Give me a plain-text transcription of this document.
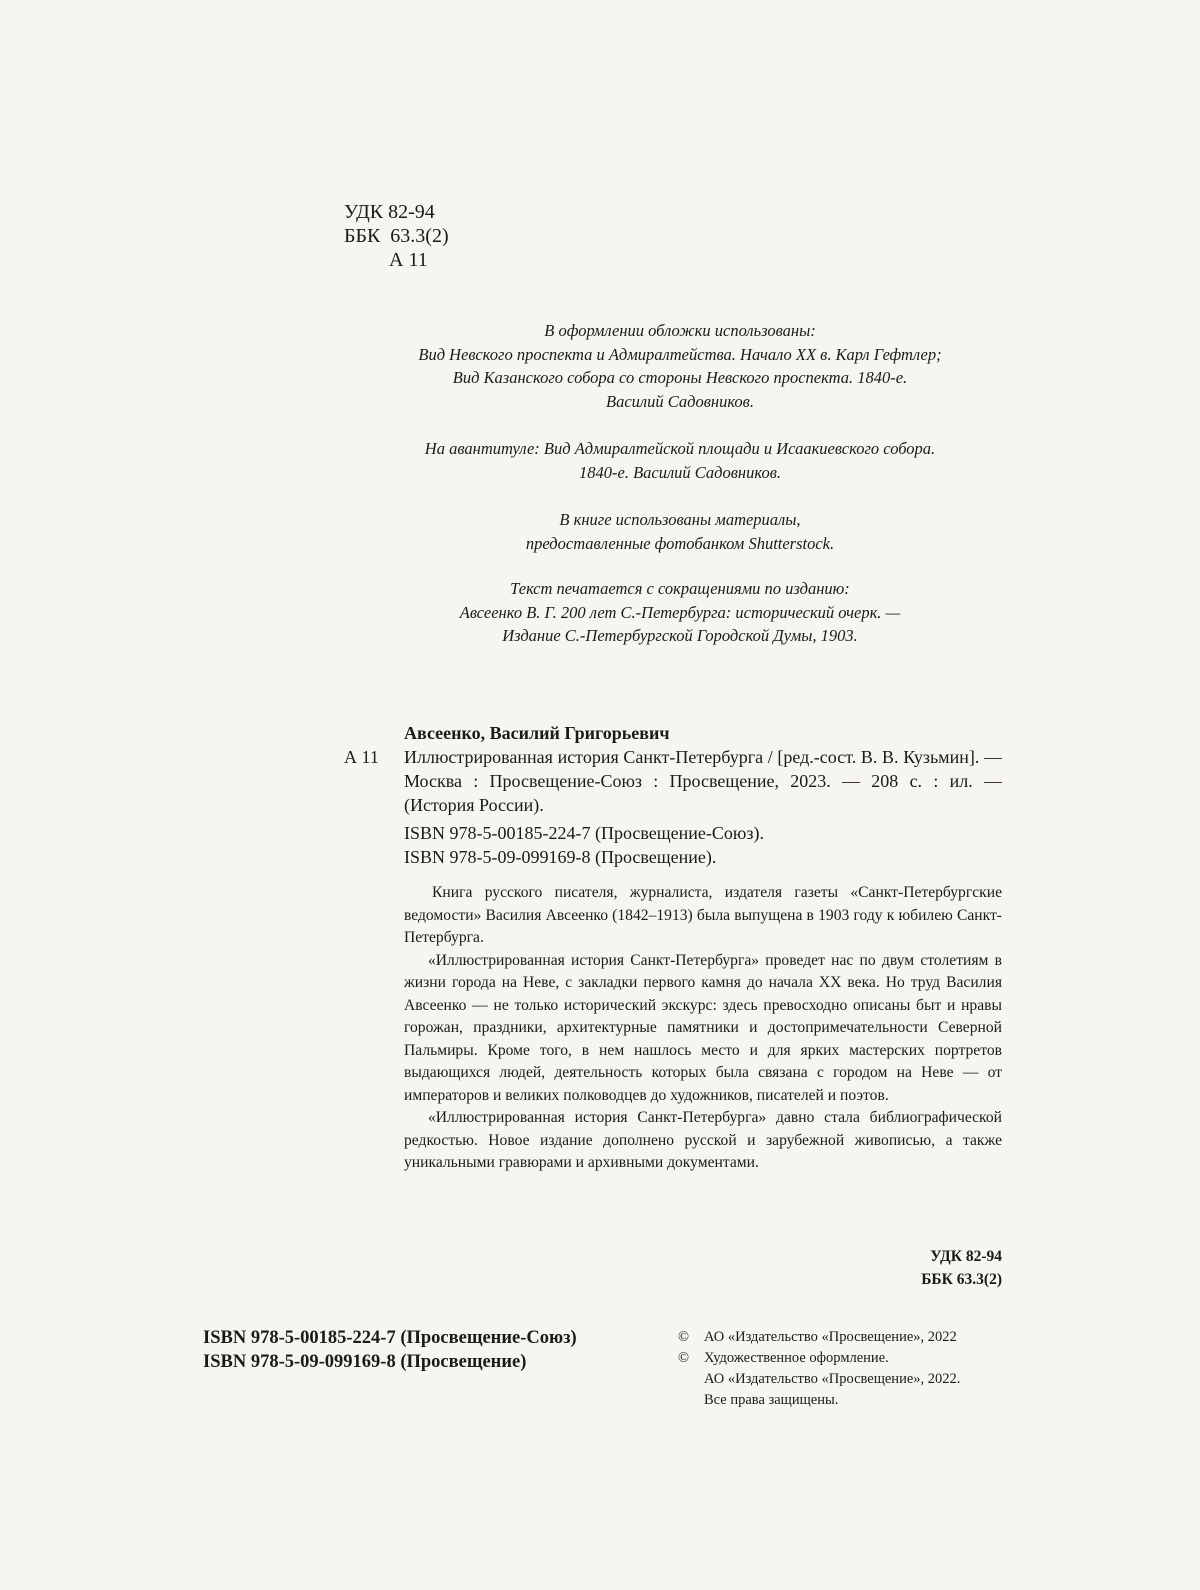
УДК 82-94
ББК  63.3(2)
А 11
В оформлении обложки использованы:
Вид Невского проспекта и Адмиралтейства. Начало XX в. Карл Гефтлер;
Вид Казанского собора со стороны Невского проспекта. 1840-е.
Василий Садовников.
На авантитуле: Вид Адмиралтейской площади и Исаакиевского собора.
1840-е. Василий Садовников.
В книге использованы материалы,
предоставленные фотобанком Shutterstock.
Текст печатается с сокращениями по изданию:
Авсеенко В. Г. 200 лет С.-Петербурга: исторический очерк. —
Издание С.-Петербургской Городской Думы, 1903.
Авсеенко, Василий Григорьевич
А 11 Иллюстрированная история Санкт-Петербурга / [ред.-сост. В. В. Кузьмин]. — Москва : Просвещение-Союз : Просвещение, 2023. — 208 с. : ил. — (История России).
ISBN 978-5-00185-224-7 (Просвещение-Союз).
ISBN 978-5-09-099169-8 (Просвещение).

Книга русского писателя, журналиста, издателя газеты «Санкт-Петербургские ведомости» Василия Авсеенко (1842–1913) была выпущена в 1903 году к юбилею Санкт-Петербурга.

«Иллюстрированная история Санкт-Петербурга» проведет нас по двум столетиям в жизни города на Неве, с закладки первого камня до начала XX века. Но труд Василия Авсеенко — не только исторический экскурс: здесь превосходно описаны быт и нравы горожан, праздники, архитектурные памятники и достопримечательности Северной Пальмиры. Кроме того, в нем нашлось место и для ярких мастерских портретов выдающихся людей, деятельность которых была связана с городом на Неве — от императоров и великих полководцев до художников, писателей и поэтов.

«Иллюстрированная история Санкт-Петербурга» давно стала библиографической редкостью. Новое издание дополнено русской и зарубежной живописью, а также уникальными гравюрами и архивными документами.

УДК 82-94
ББК 63.3(2)
ISBN 978-5-00185-224-7 (Просвещение-Союз)
ISBN 978-5-09-099169-8 (Просвещение)
©	АО «Издательство «Просвещение», 2022
©	Художественное оформление.
АО «Издательство «Просвещение», 2022.
Все права защищены.
